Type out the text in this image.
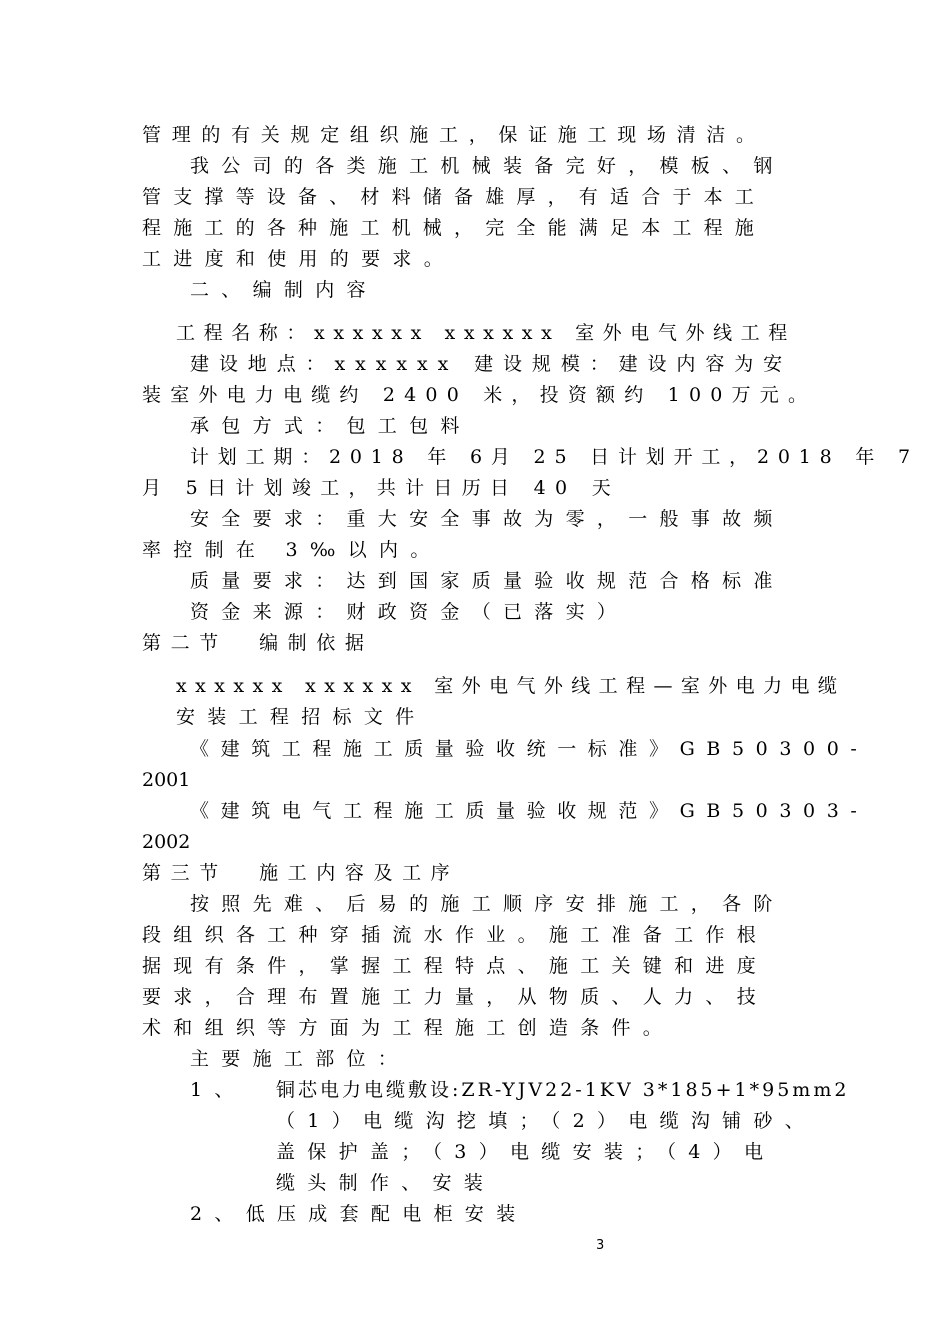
管理的有关规定组织施工，保证施工现场清洁。
我公司的各类施工机械装备完好，模板、钢
管支撑等设备、材料储备雄厚，有适合于本工
程施工的各种施工机械，完全能满足本工程施
工进度和使用的要求。
二、编制内容
工程名称：xxxxxx xxxxxx 室外电气外线工程
建设地点：xxxxxx 建设规模：建设内容为安
装室外电力电缆约 2400 米，投资额约 100万元。
承包方式：包工包料
计划工期：2018 年 6月 25 日计划开工，2018 年 7
月 5日计划竣工，共计日历日 40 天
安全要求：重大安全事故为零，一般事故频
率控制在 3‰以内。
质量要求：达到国家质量验收规范合格标准
资金来源：财政资金（已落实）
第二节  编制依据
xxxxxx xxxxxx 室外电气外线工程—室外电力电缆
安装工程招标文件
《建筑工程施工质量验收统一标准》GB50300-
2001
《建筑电气工程施工质量验收规范》GB50303-
2002
第三节  施工内容及工序
按照先难、后易的施工顺序安排施工，各阶
段组织各工种穿插流水作业。施工准备工作根
据现有条件，掌握工程特点、施工关键和进度
要求，合理布置施工力量，从物质、人力、技
术和组织等方面为工程施工创造条件。
主要施工部位：
1、 铜芯电力电缆敷设:ZR-YJV22-1KV 3*185+1*95mm2
（1）电缆沟挖填；（2）电缆沟铺砂、
盖保护盖；（3）电缆安装；（4）电
缆头制作、安装
2、低压成套配电柜安装
3
